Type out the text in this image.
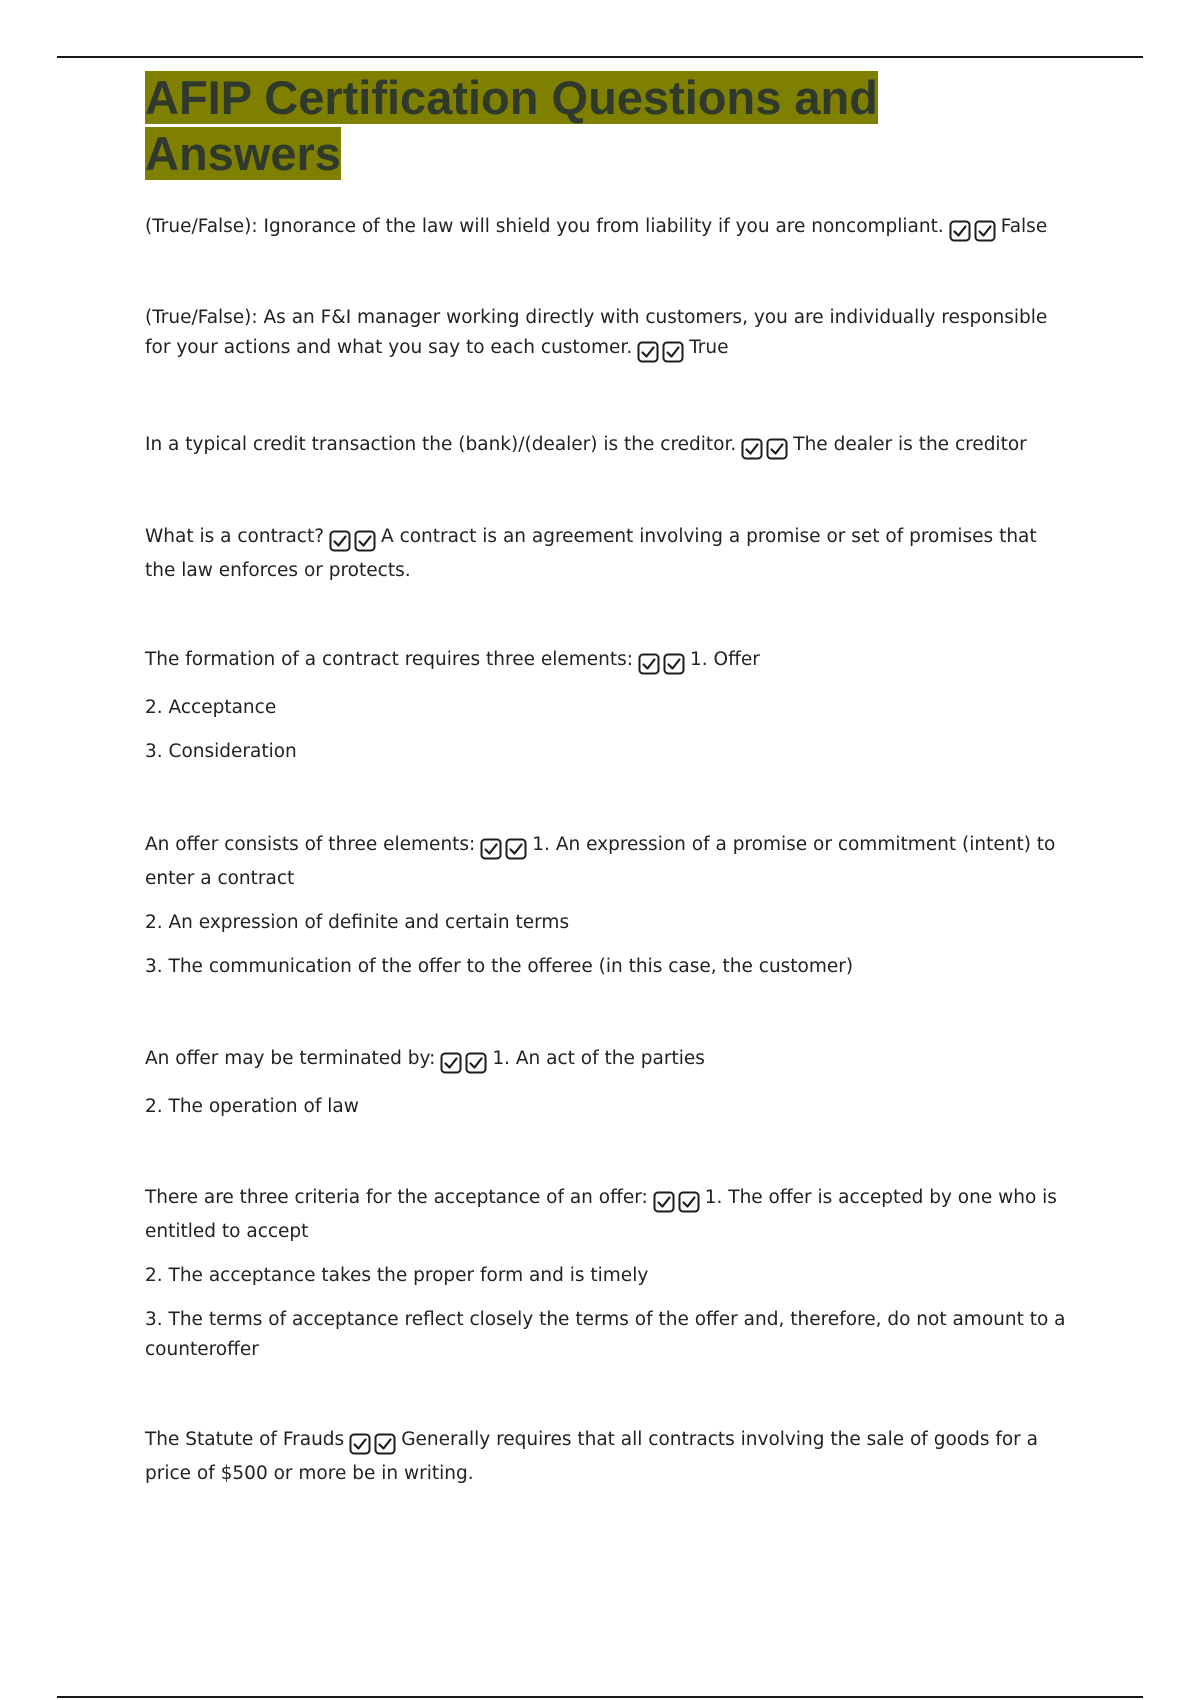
AFIP Certification Questions and Answers

(True/False): Ignorance of the law will shield you from liability if you are noncompliant.	False

(True/False): As an F&I manager working directly with customers, you are individually responsible for your actions and what you say to each customer.	True

In a typical credit transaction the (bank)/(dealer) is the creditor.	The dealer is the creditor

What is a contract?	A contract is an agreement involving a promise or set of promises that the law enforces or protects.

The formation of a contract requires three elements:	1. Offer

2. Acceptance

3. Consideration

An offer consists of three elements:	1. An expression of a promise or commitment (intent) to enter a contract

2. An expression of definite and certain terms

3. The communication of the offer to the offeree (in this case, the customer)

An offer may be terminated by:	1. An act of the parties

2. The operation of law

There are three criteria for the acceptance of an offer:	1. The offer is accepted by one who is entitled to accept

2. The acceptance takes the proper form and is timely

3. The terms of acceptance reflect closely the terms of the offer and, therefore, do not amount to a counteroffer

The Statute of Frauds	Generally requires that all contracts involving the sale of goods for a price of $500 or more be in writing.
